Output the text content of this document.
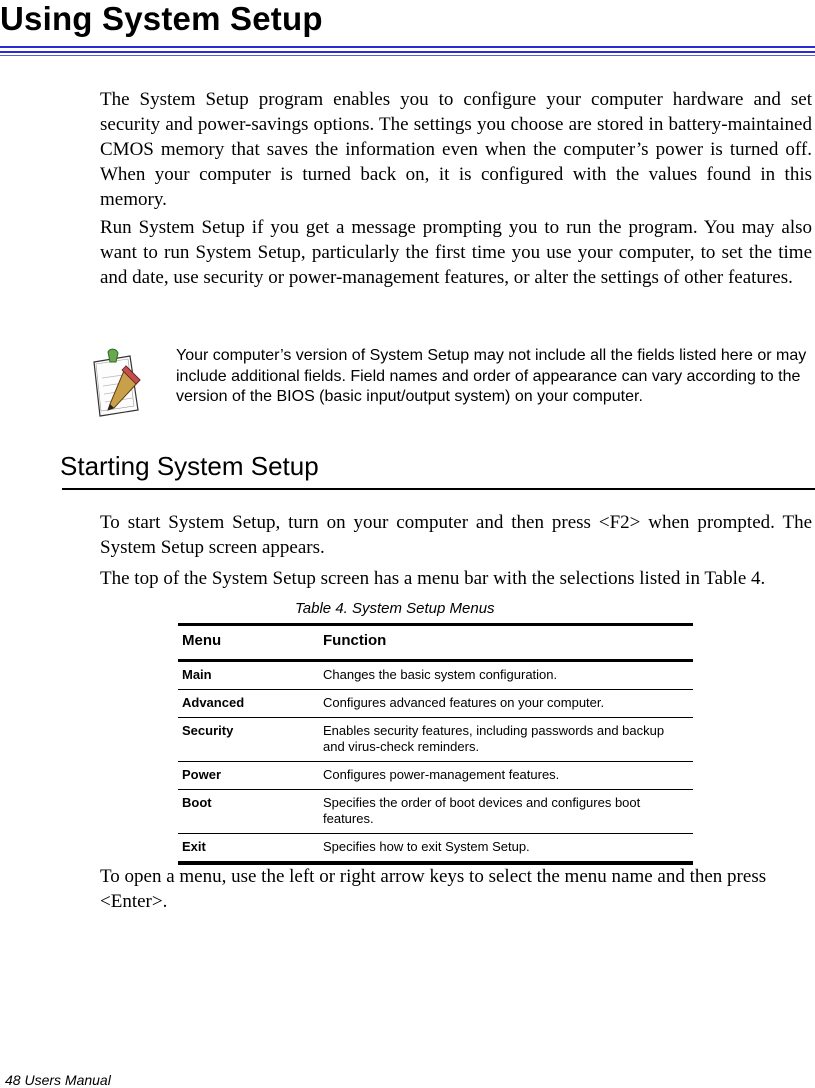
Using System Setup

The System Setup program enables you to configure your computer hardware and set security and power-savings options. The settings you choose are stored in battery-maintained CMOS memory that saves the information even when the computer’s power is turned off. When your computer is turned back on, it is configured with the values found in this memory.

Run System Setup if you get a message prompting you to run the program. You may also want to run System Setup, particularly the first time you use your computer, to set the time and date, use security or power-management features, or alter the settings of other features.

Your computer’s version of System Setup may not include all the fields listed here or may include additional fields. Field names and order of appearance can vary according to the version of the BIOS (basic input/output system) on your computer.

Starting System Setup

To start System Setup, turn on your computer and then press <F2> when prompted. The System Setup screen appears.

The top of the System Setup screen has a menu bar with the selections listed in Table 4.

Table 4. System Setup Menus

Menu	Function
Main	Changes the basic system configuration.
Advanced	Configures advanced features on your computer.
Security	Enables security features, including passwords and backup and virus-check reminders.
Power	Configures power-management features.
Boot	Specifies the order of boot devices and configures boot features.
Exit	Specifies how to exit System Setup.

To open a menu, use the left or right arrow keys to select the menu name and then press <Enter>.

48 Users Manual
